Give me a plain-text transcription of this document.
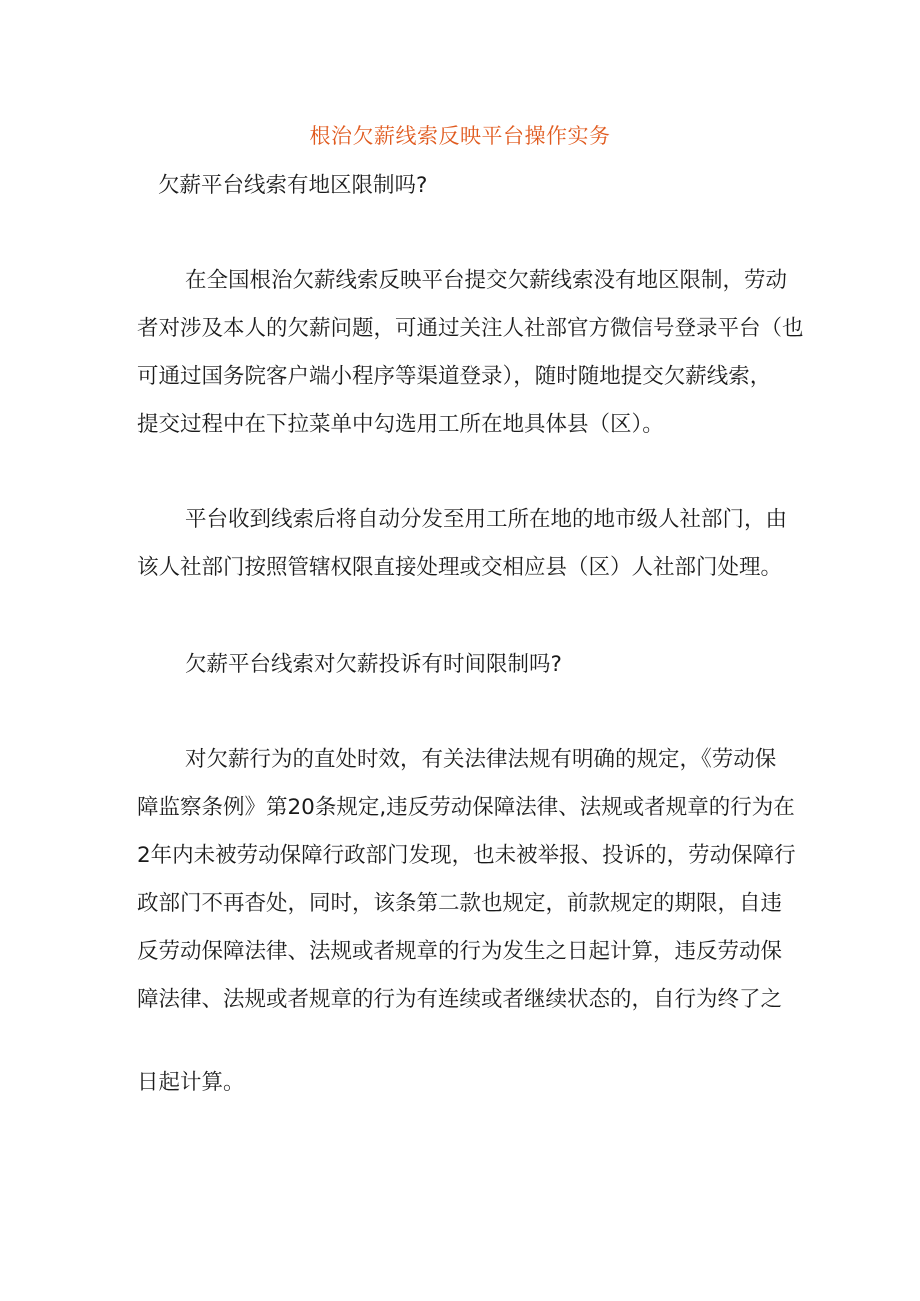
根治欠薪线索反映平台操作实务
欠薪平台线索有地区限制吗?
在全国根治欠薪线索反映平台提交欠薪线索没有地区限制，劳动
者对涉及本人的欠薪问题，可通过关注人社部官方微信号登录平台（也
可通过国务院客户端小程序等渠道登录），随时随地提交欠薪线索，
提交过程中在下拉菜单中勾选用工所在地具体县（区）。
平台收到线索后将自动分发至用工所在地的地市级人社部门，由
该人社部门按照管辖权限直接处理或交相应县（区）人社部门处理。
欠薪平台线索对欠薪投诉有时间限制吗?
对欠薪行为的直处时效，有关法律法规有明确的规定，《劳动保
障监察条例》第20条规定,违反劳动保障法律、法规或者规章的行为在
2年内未被劳动保障行政部门发现，也未被举报、投诉的，劳动保障行
政部门不再杳处，同时，该条第二款也规定，前款规定的期限，自违
反劳动保障法律、法规或者规章的行为发生之日起计算，违反劳动保
障法律、法规或者规章的行为有连续或者继续状态的，自行为终了之
日起计算。
